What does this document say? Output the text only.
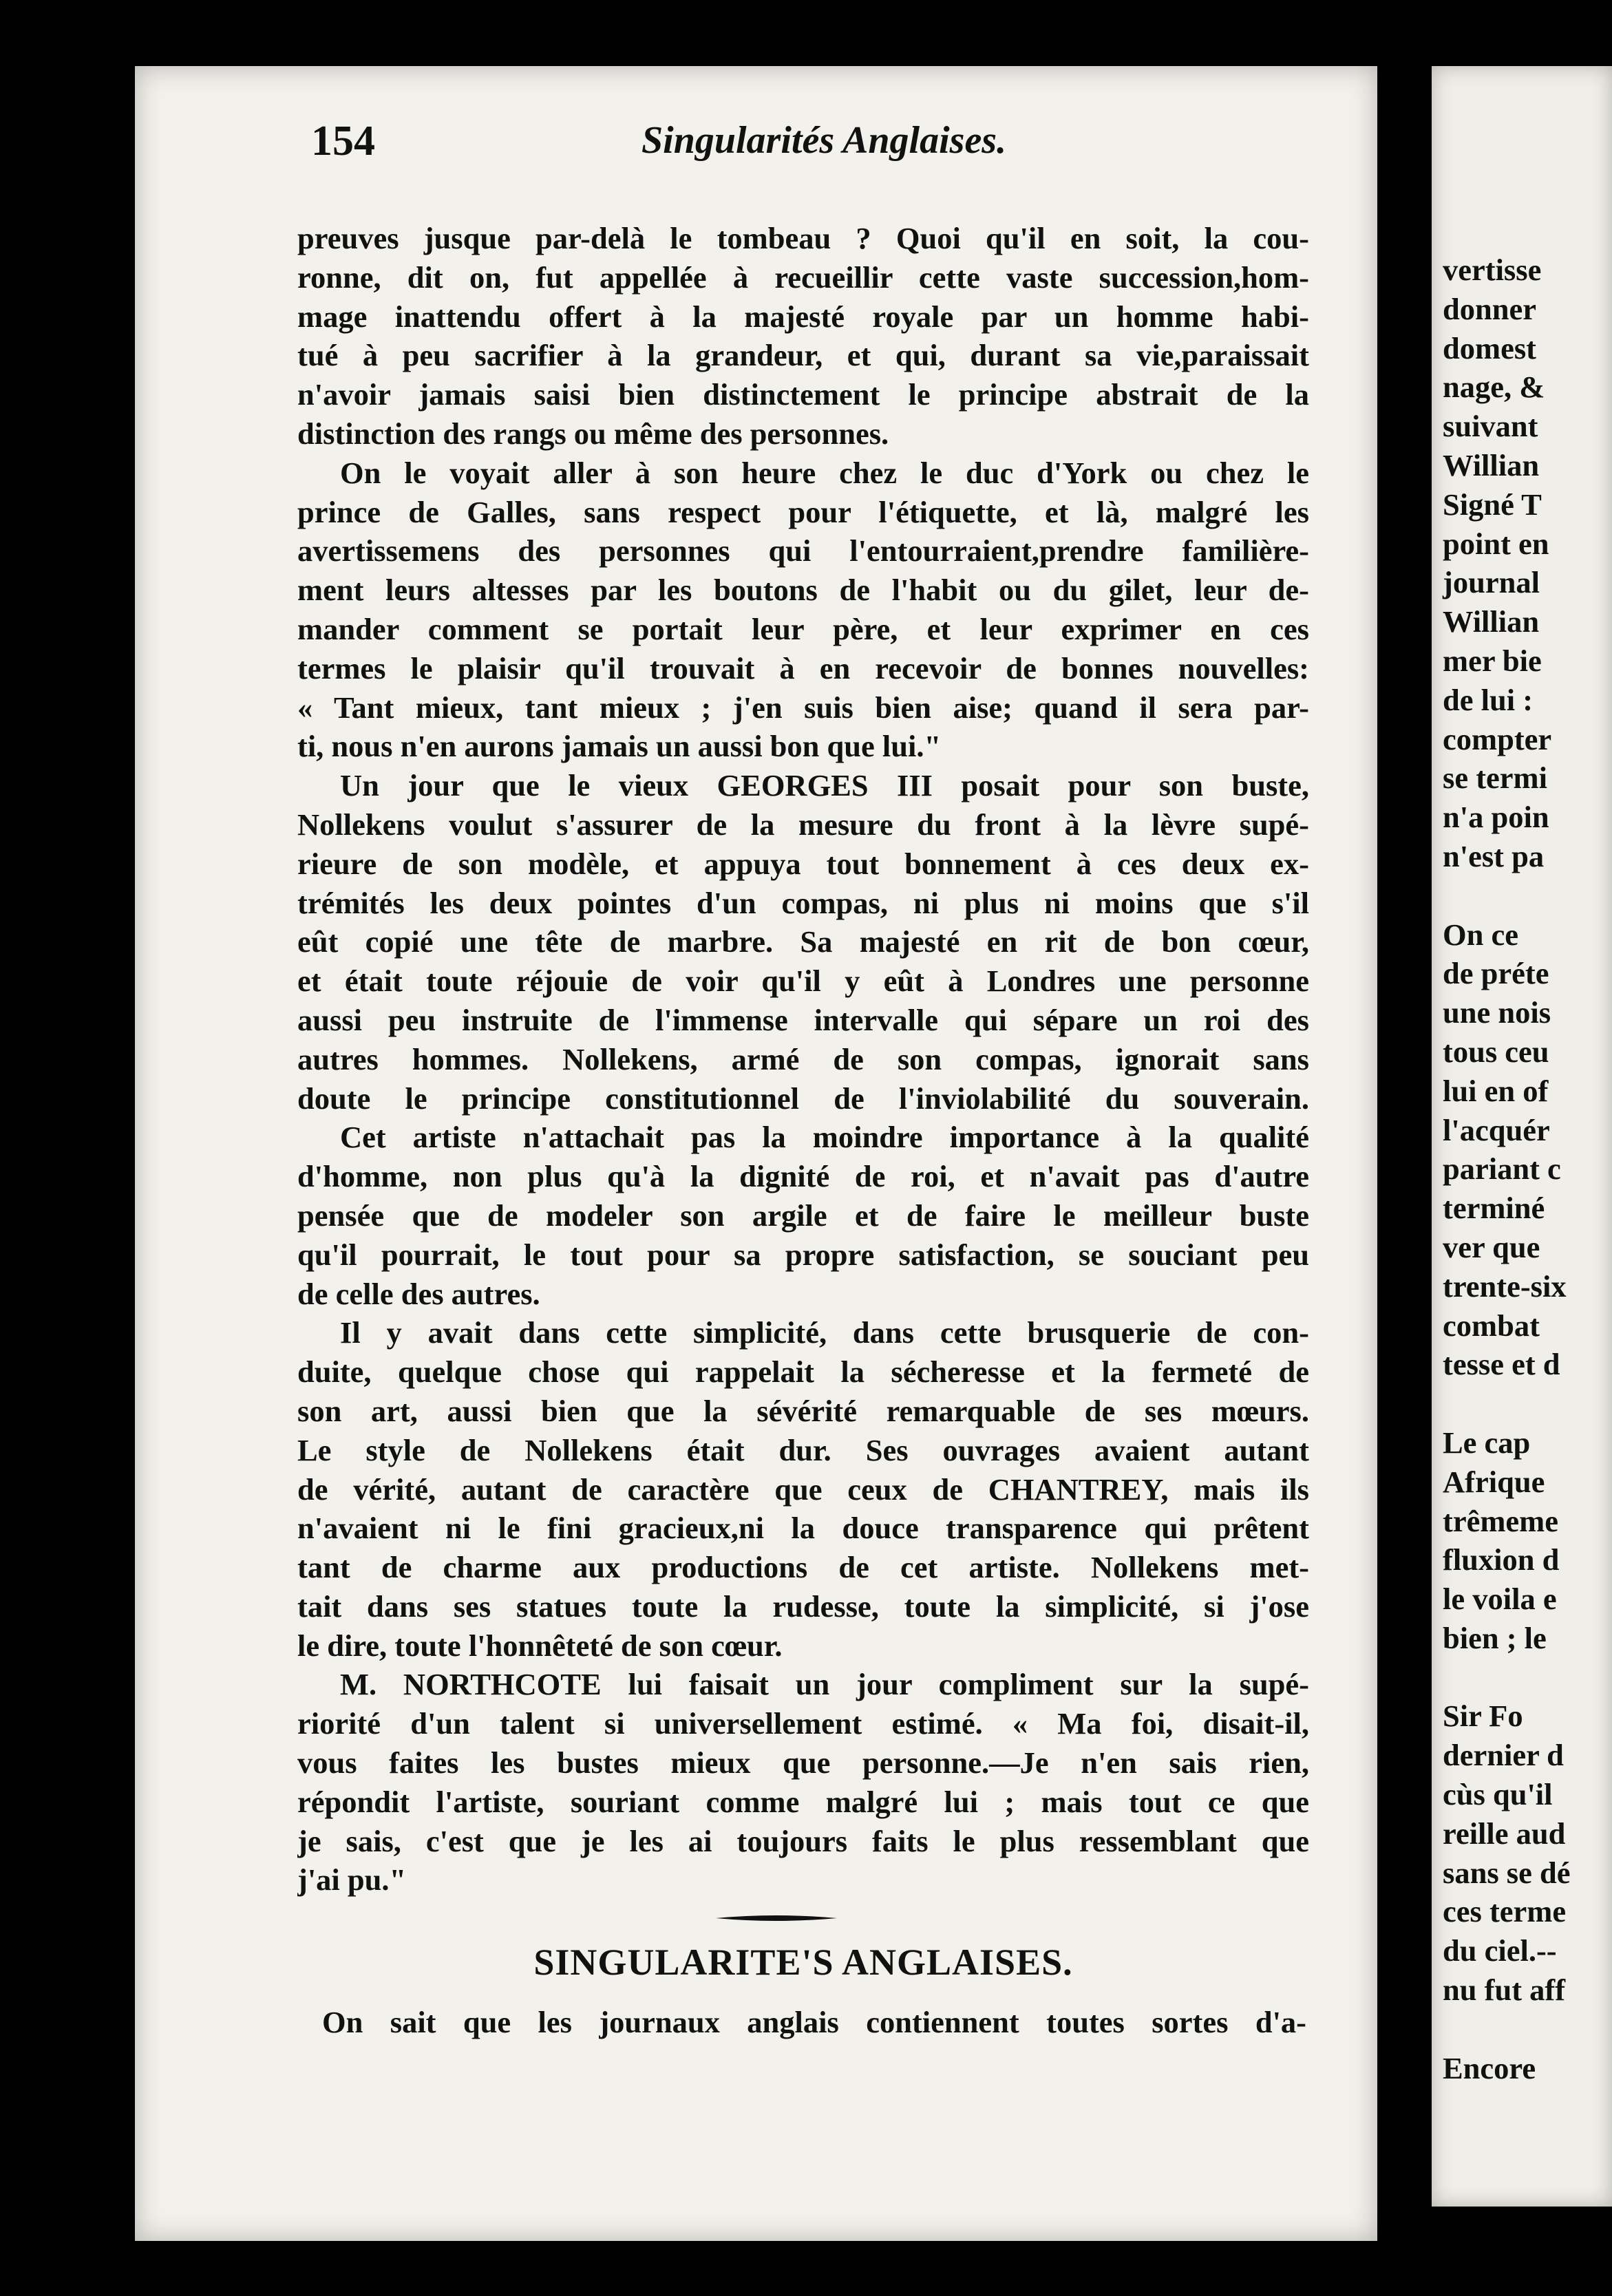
154	Singularités Anglaises.
preuves jusque par-delà le tombeau ? Quoi qu'il en soit, la cou-
ronne, dit on, fut appellée à recueillir cette vaste succession,hom-
mage inattendu offert à la majesté royale par un homme habi-
tué à peu sacrifier à la grandeur, et qui, durant sa vie,paraissait
n'avoir jamais saisi bien distinctement le principe abstrait de la
distinction des rangs ou même des personnes.
On le voyait aller à son heure chez le duc d'York ou chez le
prince de Galles, sans respect pour l'étiquette, et là, malgré les
avertissemens des personnes qui l'entourraient,prendre familière-
ment leurs altesses par les boutons de l'habit ou du gilet, leur de-
mander comment se portait leur père, et leur exprimer en ces
termes le plaisir qu'il trouvait à en recevoir de bonnes nouvelles:
« Tant mieux, tant mieux ; j'en suis bien aise; quand il sera par-
ti, nous n'en aurons jamais un aussi bon que lui."
Un jour que le vieux GEORGES III posait pour son buste,
Nollekens voulut s'assurer de la mesure du front à la lèvre supé-
rieure de son modèle, et appuya tout bonnement à ces deux ex-
trémités les deux pointes d'un compas, ni plus ni moins que s'il
eût copié une tête de marbre. Sa majesté en rit de bon cœur,
et était toute réjouie de voir qu'il y eût à Londres une personne
aussi peu instruite de l'immense intervalle qui sépare un roi des
autres hommes. Nollekens, armé de son compas, ignorait sans
doute le principe constitutionnel de l'inviolabilité du souverain.
Cet artiste n'attachait pas la moindre importance à la qualité
d'homme, non plus qu'à la dignité de roi, et n'avait pas d'autre
pensée que de modeler son argile et de faire le meilleur buste
qu'il pourrait, le tout pour sa propre satisfaction, se souciant peu
de celle des autres.
Il y avait dans cette simplicité, dans cette brusquerie de con-
duite, quelque chose qui rappelait la sécheresse et la fermeté de
son art, aussi bien que la sévérité remarquable de ses mœurs.
Le style de Nollekens était dur. Ses ouvrages avaient autant
de vérité, autant de caractère que ceux de CHANTREY, mais ils
n'avaient ni le fini gracieux,ni la douce transparence qui prêtent
tant de charme aux productions de cet artiste. Nollekens met-
tait dans ses statues toute la rudesse, toute la simplicité, si j'ose
le dire, toute l'honnêteté de son cœur.
M. NORTHCOTE lui faisait un jour compliment sur la supé-
riorité d'un talent si universellement estimé. « Ma foi, disait-il,
vous faites les bustes mieux que personne.—Je n'en sais rien,
répondit l'artiste, souriant comme malgré lui ; mais tout ce que
je sais, c'est que je les ai toujours faits le plus ressemblant que
j'ai pu."
SINGULARITE'S ANGLAISES.
On sait que les journaux anglais contiennent toutes sortes d'a-
vertisse
donner
domest
nage, &
suivant
Willian
Signé T
point en
journal
Willian
mer bie
de lui :
compter
se termi
n'a poin
n'est pa
On ce
de préte
une nois
tous ceu
lui en of
l'acquér
pariant c
terminé
ver que
trente-six
combat
tesse et d
Le cap
Afrique
trêmeme
fluxion d
le voila e
bien ; le
Sir Fo
dernier d
cùs qu'il
reille aud
sans se dé
ces terme
du ciel.--
nu fut aff
Encore
